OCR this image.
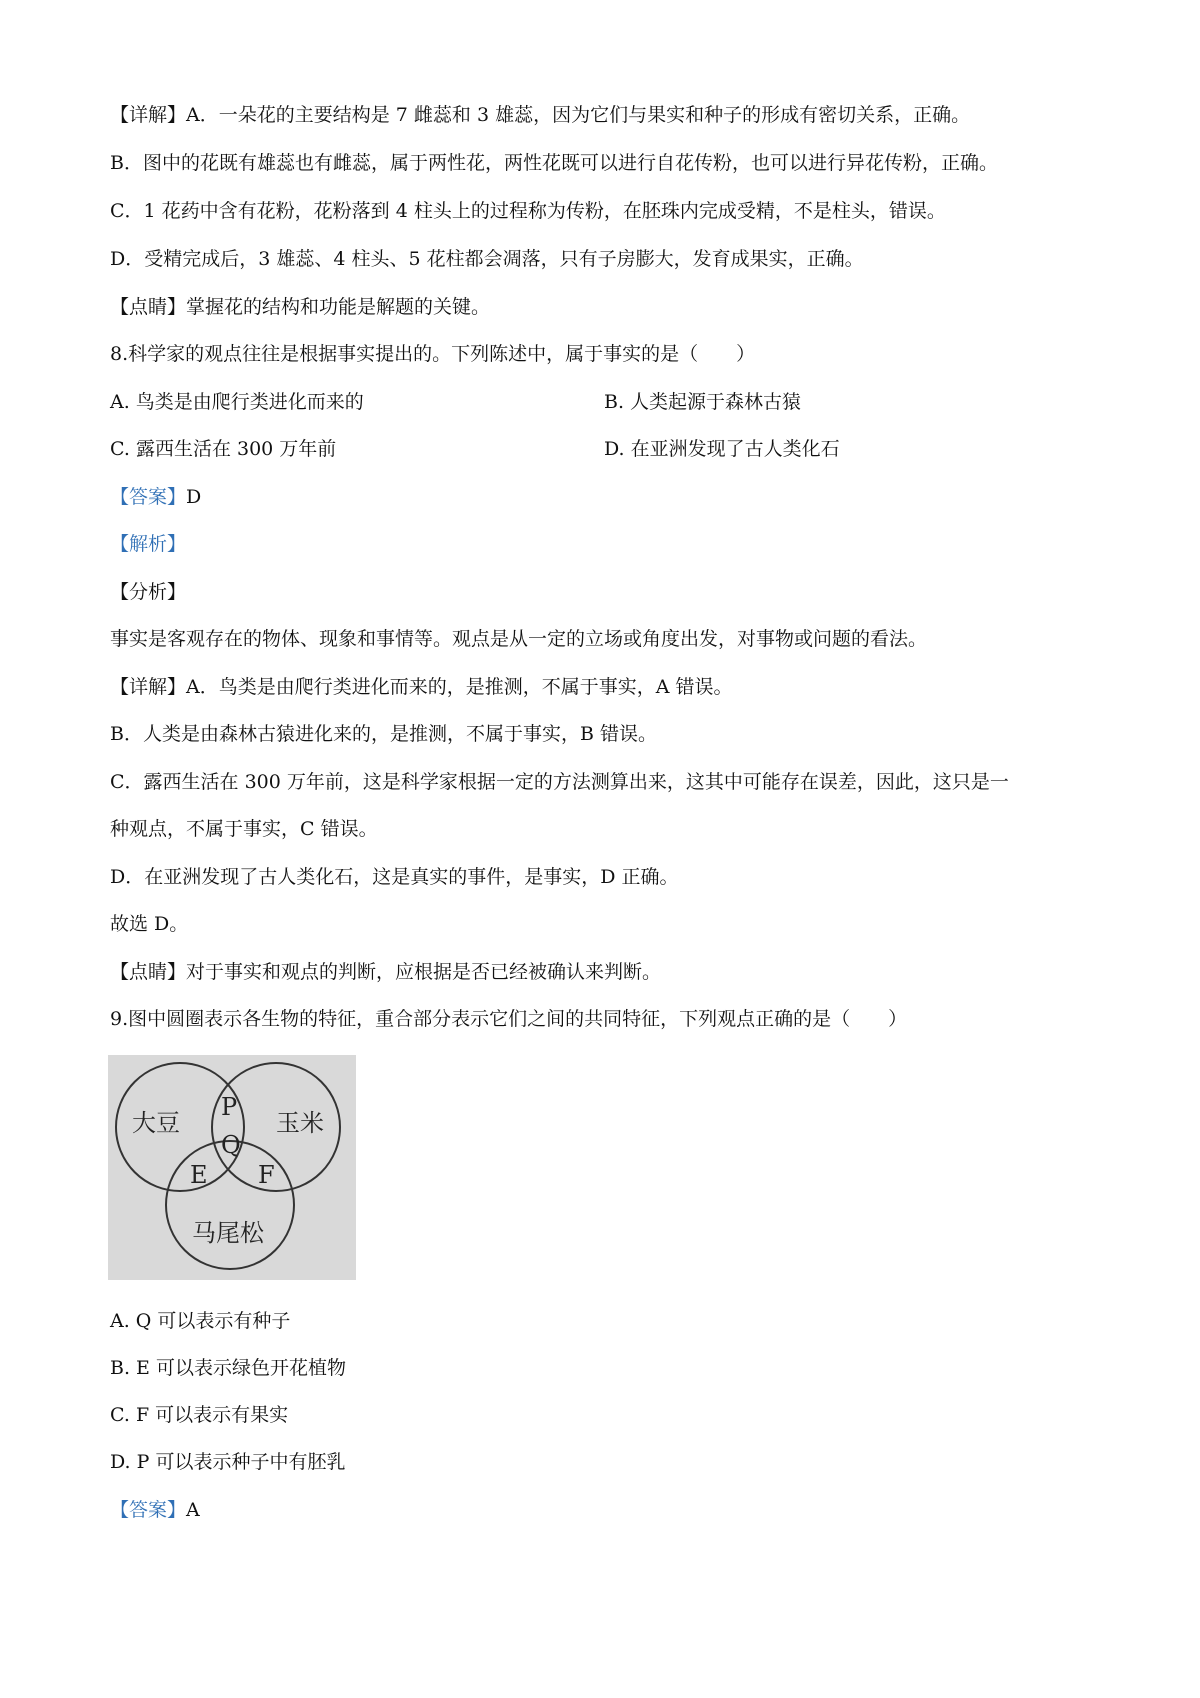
【详解】A．一朵花的主要结构是 7 雌蕊和 3 雄蕊，因为它们与果实和种子的形成有密切关系，正确。
B．图中的花既有雄蕊也有雌蕊，属于两性花，两性花既可以进行自花传粉，也可以进行异花传粉，正确。
C．1 花药中含有花粉，花粉落到 4 柱头上的过程称为传粉，在胚珠内完成受精，不是柱头，错误。
D．受精完成后，3 雄蕊、4 柱头、5 花柱都会凋落，只有子房膨大，发育成果实，正确。
【点睛】掌握花的结构和功能是解题的关键。
8.科学家的观点往往是根据事实提出的。下列陈述中，属于事实的是（　　）
A. 鸟类是由爬行类进化而来的	B. 人类起源于森林古猿
C. 露西生活在 300 万年前	D. 在亚洲发现了古人类化石
【答案】D
【解析】
【分析】
事实是客观存在的物体、现象和事情等。观点是从一定的立场或角度出发，对事物或问题的看法。
【详解】A．鸟类是由爬行类进化而来的，是推测，不属于事实，A 错误。
B．人类是由森林古猿进化来的，是推测，不属于事实，B 错误。
C．露西生活在 300 万年前，这是科学家根据一定的方法测算出来，这其中可能存在误差，因此，这只是一
种观点，不属于事实，C 错误。
D．在亚洲发现了古人类化石，这是真实的事件，是事实，D 正确。
故选 D。
【点睛】对于事实和观点的判断，应根据是否已经被确认来判断。
9.图中圆圈表示各生物的特征，重合部分表示它们之间的共同特征，下列观点正确的是（　　）
大豆	玉米
马尾松
P
Q
E F
A. Q 可以表示有种子
B. E 可以表示绿色开花植物
C. F 可以表示有果实
D. P 可以表示种子中有胚乳
【答案】A
